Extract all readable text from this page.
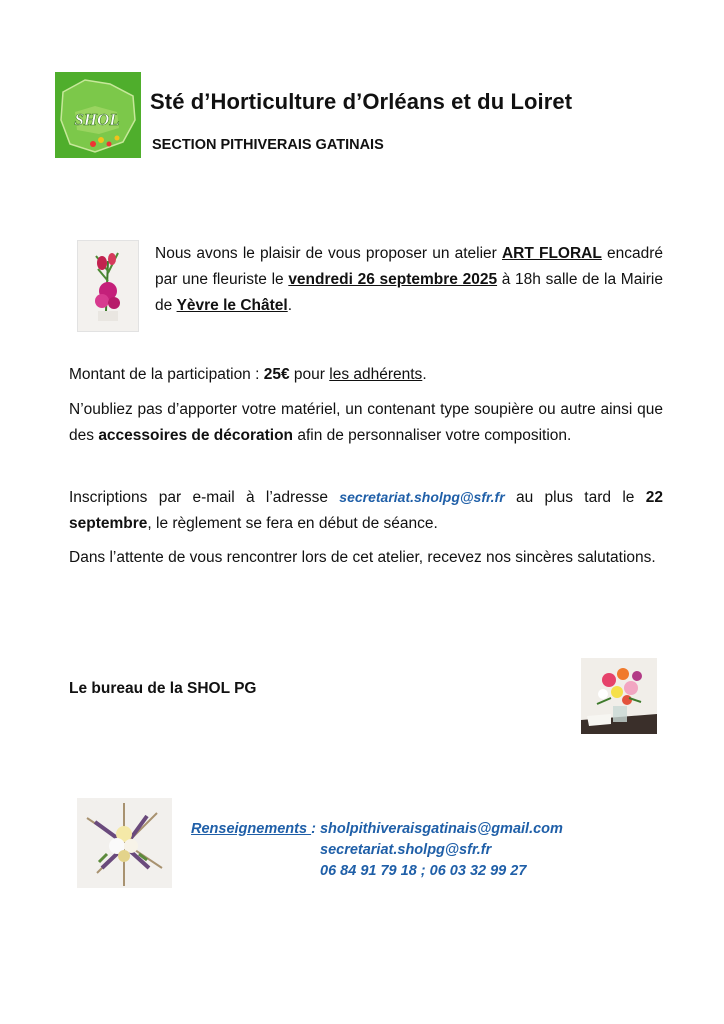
SHOL
Sté d’Horticulture d’Orléans et du Loiret
SECTION PITHIVERAIS GATINAIS
Nous avons le plaisir de vous proposer un atelier ART FLORAL encadré par une fleuriste le vendredi 26 septembre 2025 à 18h salle de la Mairie de Yèvre le Châtel.
Montant de la participation : 25€ pour les adhérents.
N’oubliez pas d’apporter votre matériel, un contenant type soupière ou autre ainsi que des accessoires de décoration afin de personnaliser votre composition.
Inscriptions par e-mail à l’adresse secretariat.sholpg@sfr.fr au plus tard le 22 septembre, le règlement se fera en début de séance.
Dans l’attente de vous rencontrer lors de cet atelier, recevez nos sincères salutations.
Le bureau de la SHOL PG
Renseignements : sholpithiveraisgatinais@gmail.com
secretariat.sholpg@sfr.fr
06 84 91 79 18 ; 06 03 32 99 27
